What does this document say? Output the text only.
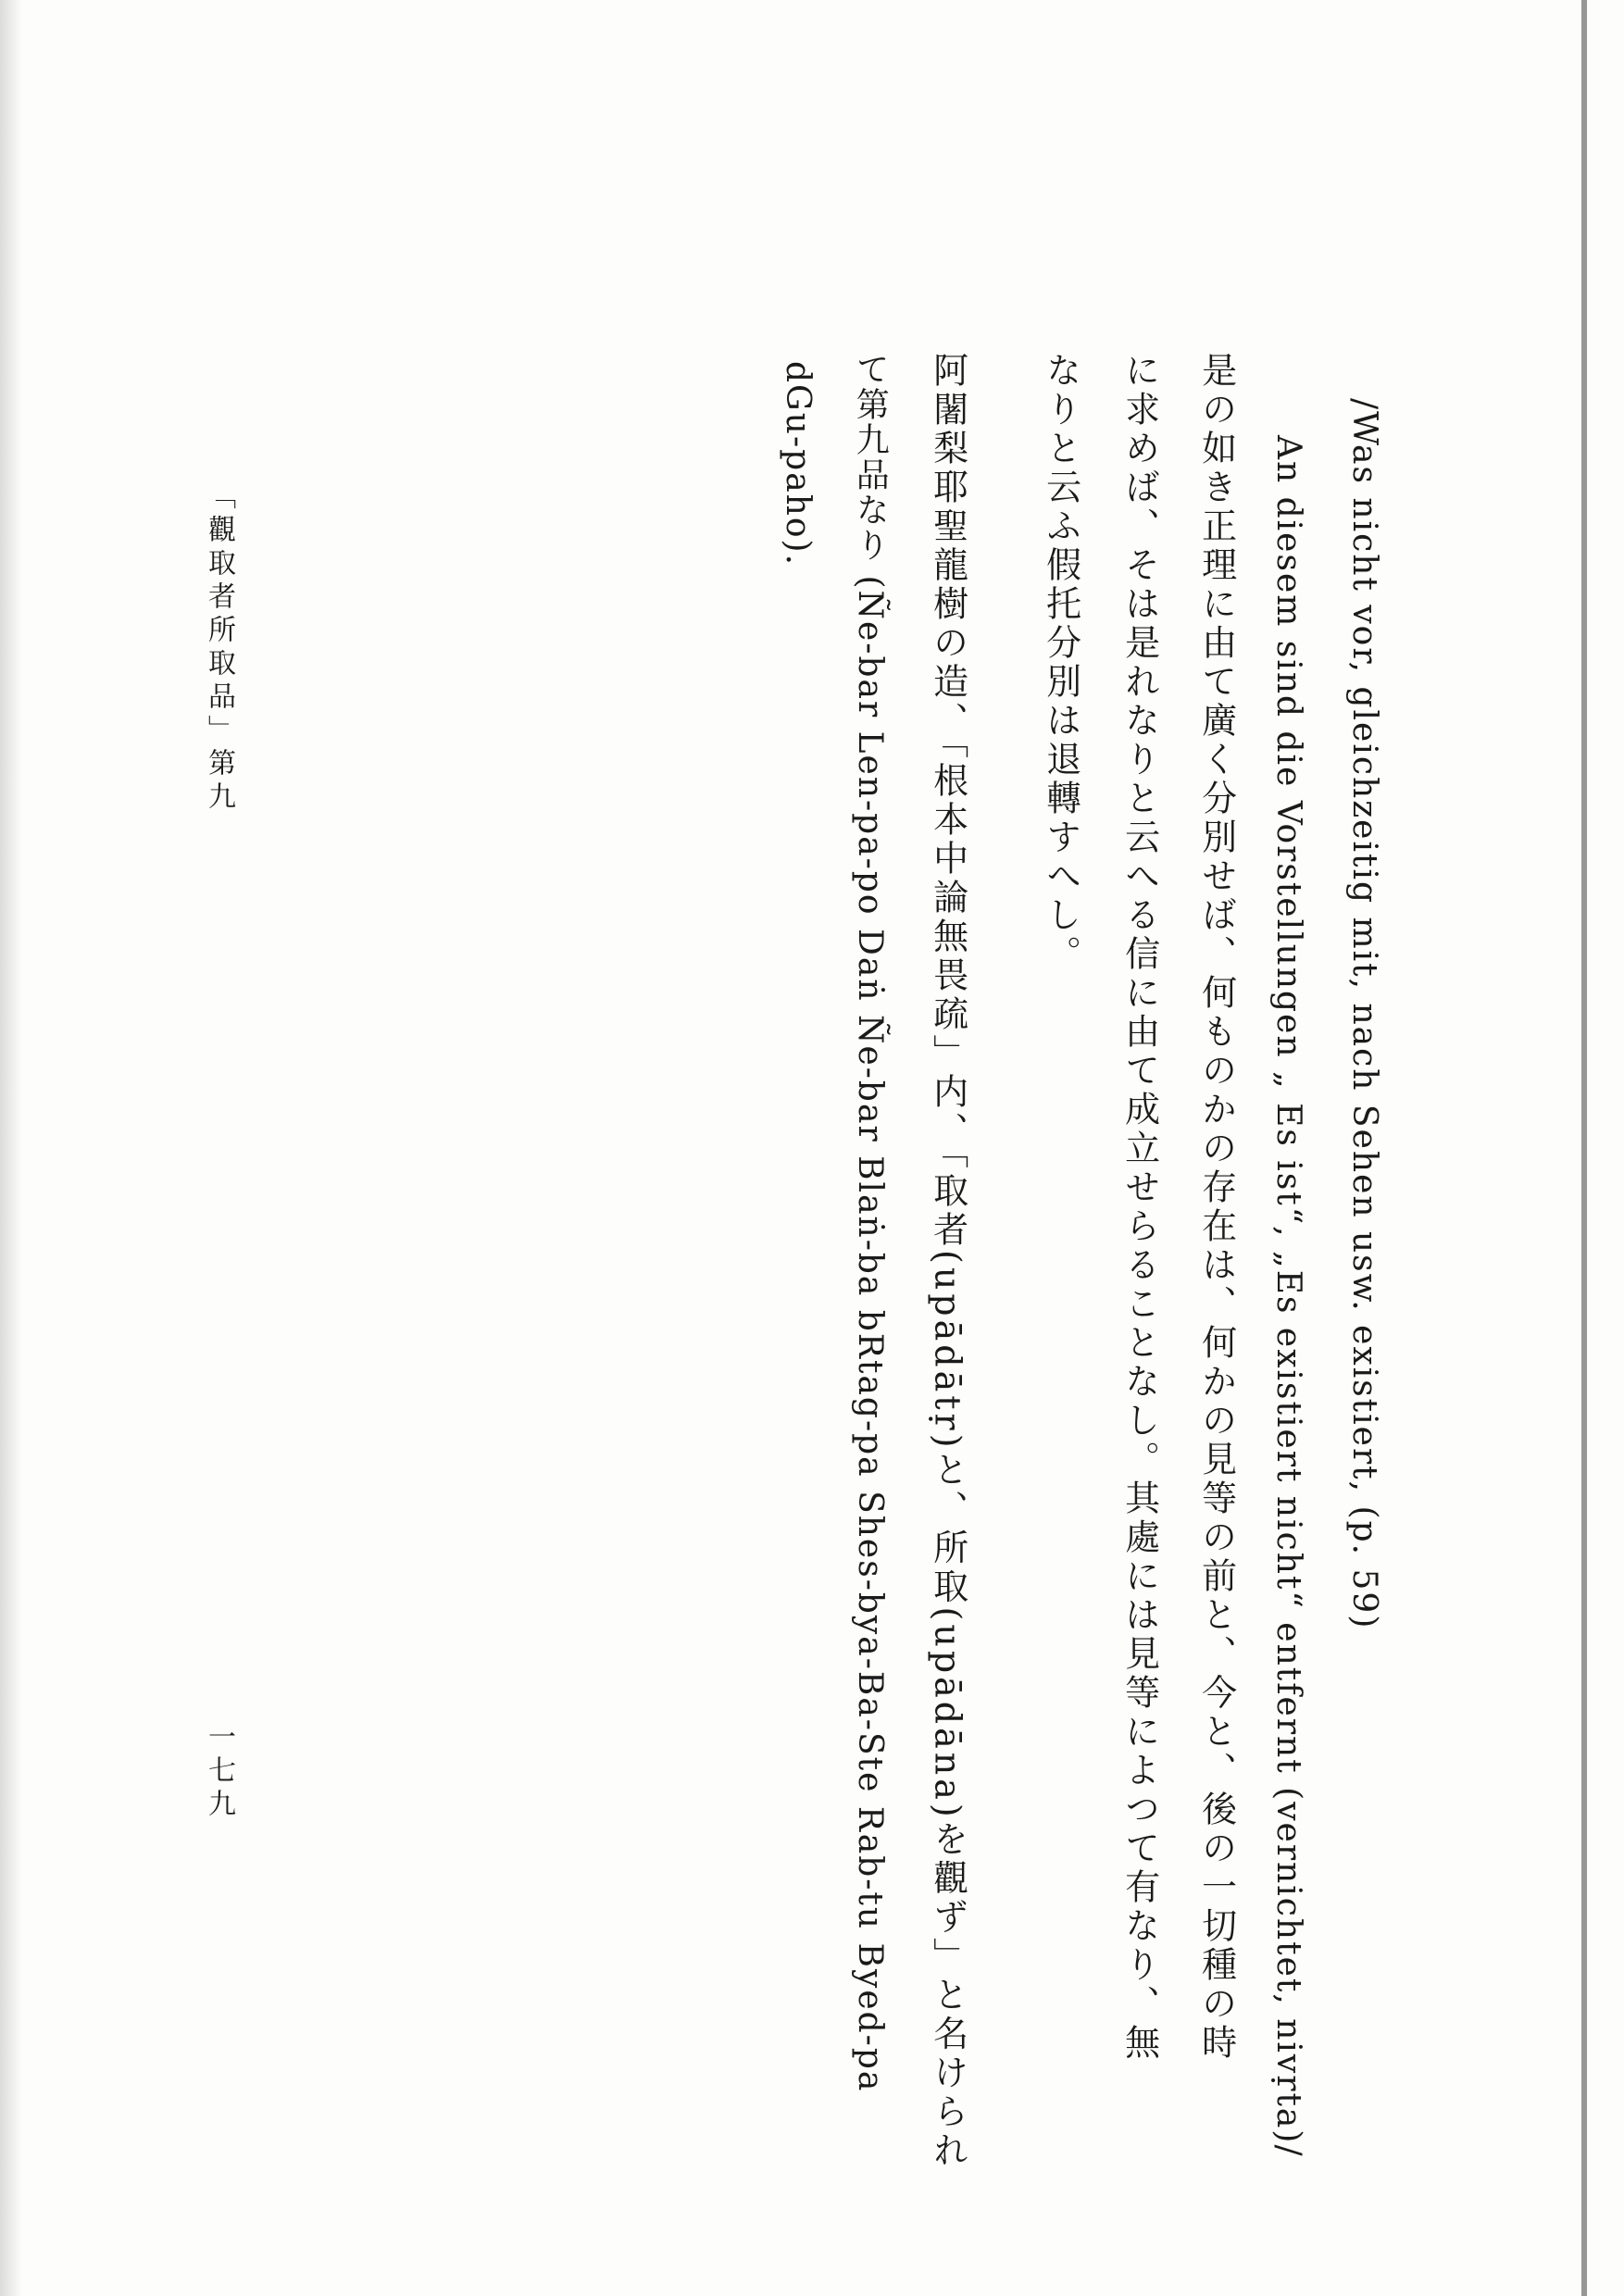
/Was nicht vor, gleichzeitig mit, nach Sehen usw. existiert, (p. 59)
An diesem sind die Vorstellungen „ Es ist“, „Es existiert nicht“ entfernt (vernichtet, nivṛta)/
是の如き正理に由て廣く分別せば、何ものかの存在は、何かの見等の前と、今と、後の一切種の時
に求めば、そは是れなりと云へる信に由て成立せらることなし。其處には見等によつて有なり、無
なりと云ふ假托分別は退轉すへし。
阿闍梨耶聖龍樹の造、「根本中論無畏疏」内、「取者(upādātṛ)と、所取(upādāna)を觀ず」と名けられ
て第九品なり (Ñe-bar Len-pa-po Daṅ Ñe-bar Blaṅ-ba bRtag-pa Shes-bya-Ba-Ste Rab-tu Byed-pa
dGu-paho).
「觀取者所取品」第九
一七九
